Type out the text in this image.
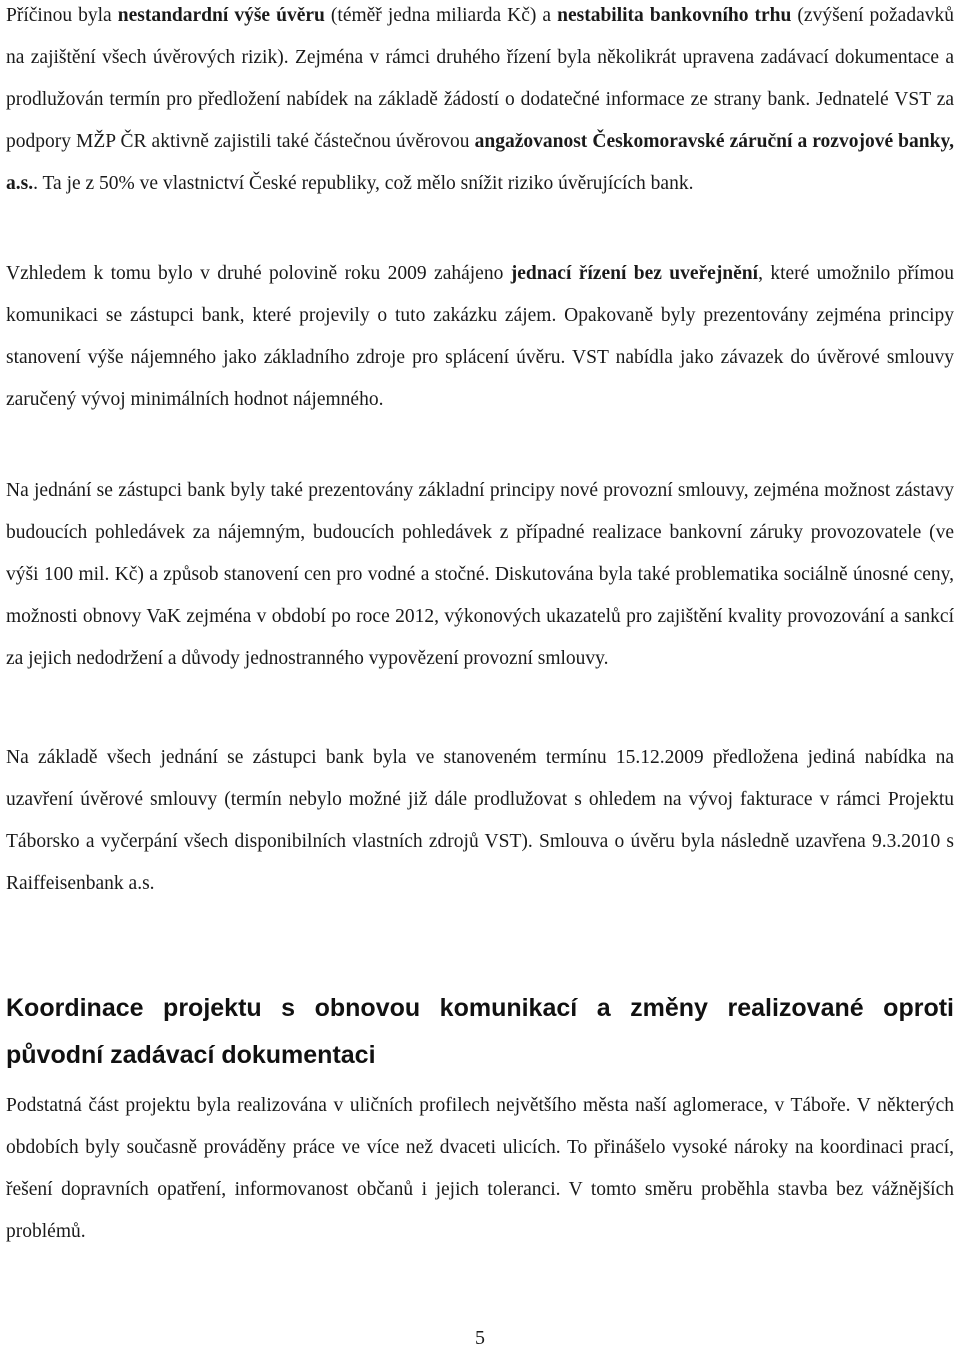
Příčinou byla nestandardní výše úvěru (téměř jedna miliarda Kč) a nestabilita bankovního trhu (zvýšení požadavků na zajištění všech úvěrových rizik). Zejména v rámci druhého řízení byla několikrát upravena zadávací dokumentace a prodlužován termín pro předložení nabídek na základě žádostí o dodatečné informace ze strany bank. Jednatelé VST za podpory MŽP ČR aktivně zajistili také částečnou úvěrovou angažovanost Českomoravské záruční a rozvojové banky, a.s.. Ta je z 50% ve vlastnictví České republiky, což mělo snížit riziko úvěrujících bank.

Vzhledem k tomu bylo v druhé polovině roku 2009 zahájeno jednací řízení bez uveřejnění, které umožnilo přímou komunikaci se zástupci bank, které projevily o tuto zakázku zájem. Opakovaně byly prezentovány zejména principy stanovení výše nájemného jako základního zdroje pro splácení úvěru. VST nabídla jako závazek do úvěrové smlouvy zaručený vývoj minimálních hodnot nájemného.

Na jednání se zástupci bank byly také prezentovány základní principy nové provozní smlouvy, zejména možnost zástavy budoucích pohledávek za nájemným, budoucích pohledávek z případné realizace bankovní záruky provozovatele (ve výši 100 mil. Kč) a způsob stanovení cen pro vodné a stočné. Diskutována byla také problematika sociálně únosné ceny, možnosti obnovy VaK zejména v období po roce 2012, výkonových ukazatelů pro zajištění kvality provozování a sankcí za jejich nedodržení a důvody jednostranného vypovězení provozní smlouvy.

Na základě všech jednání se zástupci bank byla ve stanoveném termínu 15.12.2009 předložena jediná nabídka na uzavření úvěrové smlouvy (termín nebylo možné již dále prodlužovat s ohledem na vývoj fakturace v rámci Projektu Táborsko a vyčerpání všech disponibilních vlastních zdrojů VST). Smlouva o úvěru byla následně uzavřena 9.3.2010 s Raiffeisenbank a.s.

Koordinace projektu s obnovou komunikací a změny realizované oproti původní zadávací dokumentaci

Podstatná část projektu byla realizována v uličních profilech největšího města naší aglomerace, v Táboře. V některých obdobích byly současně prováděny práce ve více než dvaceti ulicích. To přinášelo vysoké nároky na koordinaci prací, řešení dopravních opatření, informovanost občanů i jejich toleranci. V tomto směru proběhla stavba bez vážnějších problémů.

5
